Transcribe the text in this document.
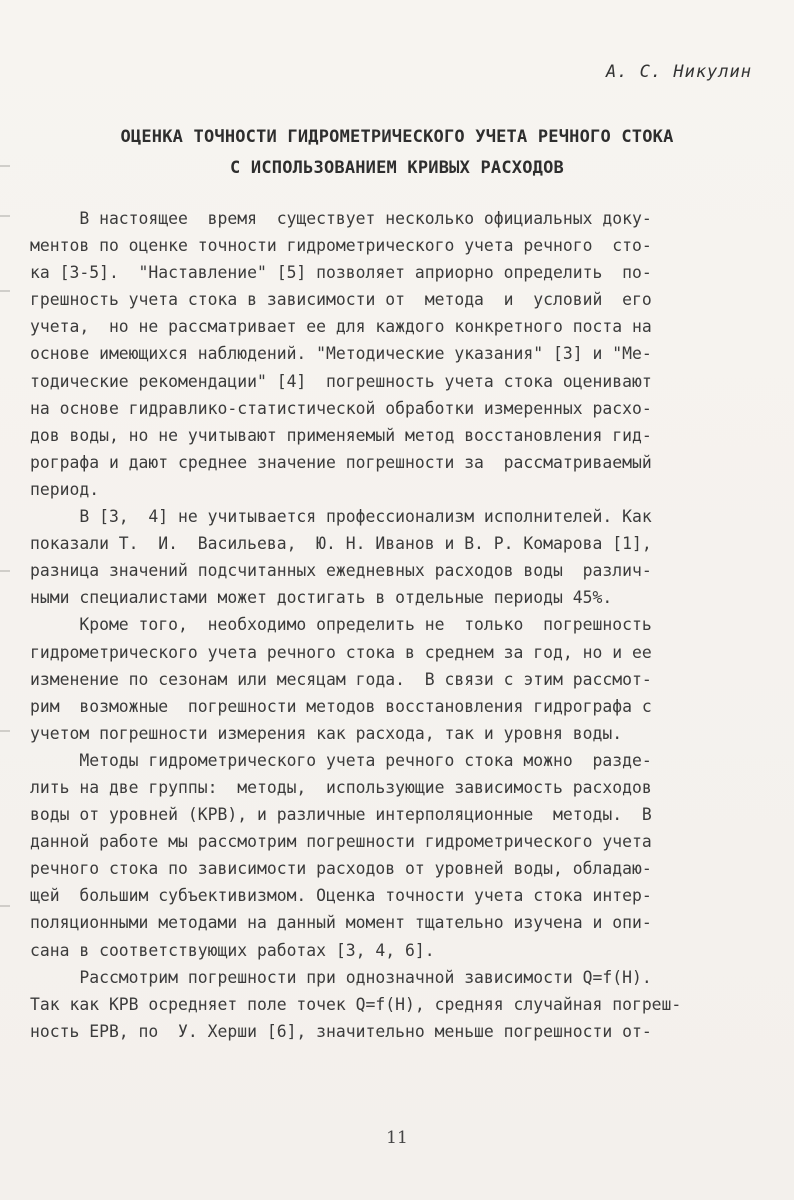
А. С. Никулин
ОЦЕНКА ТОЧНОСТИ ГИДРОМЕТРИЧЕСКОГО УЧЕТА РЕЧНОГО СТОКА
С ИСПОЛЬЗОВАНИЕМ КРИВЫХ РАСХОДОВ
В настоящее  время  существует несколько официальных доку-
ментов по оценке точности гидрометрического учета речного  сто-
ка [3-5].  "Наставление" [5] позволяет априорно определить  по-
грешность учета стока в зависимости от  метода  и  условий  его
учета,  но не рассматривает ее для каждого конкретного поста на
основе имеющихся наблюдений. "Методические указания" [3] и "Ме-
тодические рекомендации" [4]  погрешность учета стока оценивают
на основе гидравлико-статистической обработки измеренных расхо-
дов воды, но не учитывают применяемый метод восстановления гид-
рографа и дают среднее значение погрешности за  рассматриваемый
период.
В [3,  4] не учитывается профессионализм исполнителей. Как
показали Т.  И.  Васильева,  Ю. Н. Иванов и В. Р. Комарова [1],
разница значений подсчитанных ежедневных расходов воды  различ-
ными специалистами может достигать в отдельные периоды 45%.
Кроме того,  необходимо определить не  только  погрешность
гидрометрического учета речного стока в среднем за год, но и ее
изменение по сезонам или месяцам года.  В связи с этим рассмот-
рим  возможные  погрешности методов восстановления гидрографа с
учетом погрешности измерения как расхода, так и уровня воды.
Методы гидрометрического учета речного стока можно  разде-
лить на две группы:  методы,  использующие зависимость расходов
воды от уровней (КРВ), и различные интерполяционные  методы.  В
данной работе мы рассмотрим погрешности гидрометрического учета
речного стока по зависимости расходов от уровней воды, обладаю-
щей  большим субъективизмом. Оценка точности учета стока интер-
поляционными методами на данный момент тщательно изучена и опи-
сана в соответствующих работах [3, 4, 6].
Рассмотрим погрешности при однозначной зависимости Q=f(H).
Так как КРВ осредняет поле точек Q=f(H), средняя случайная погреш-
ность ЕРВ, по  У. Херши [6], значительно меньше погрешности от-
11
